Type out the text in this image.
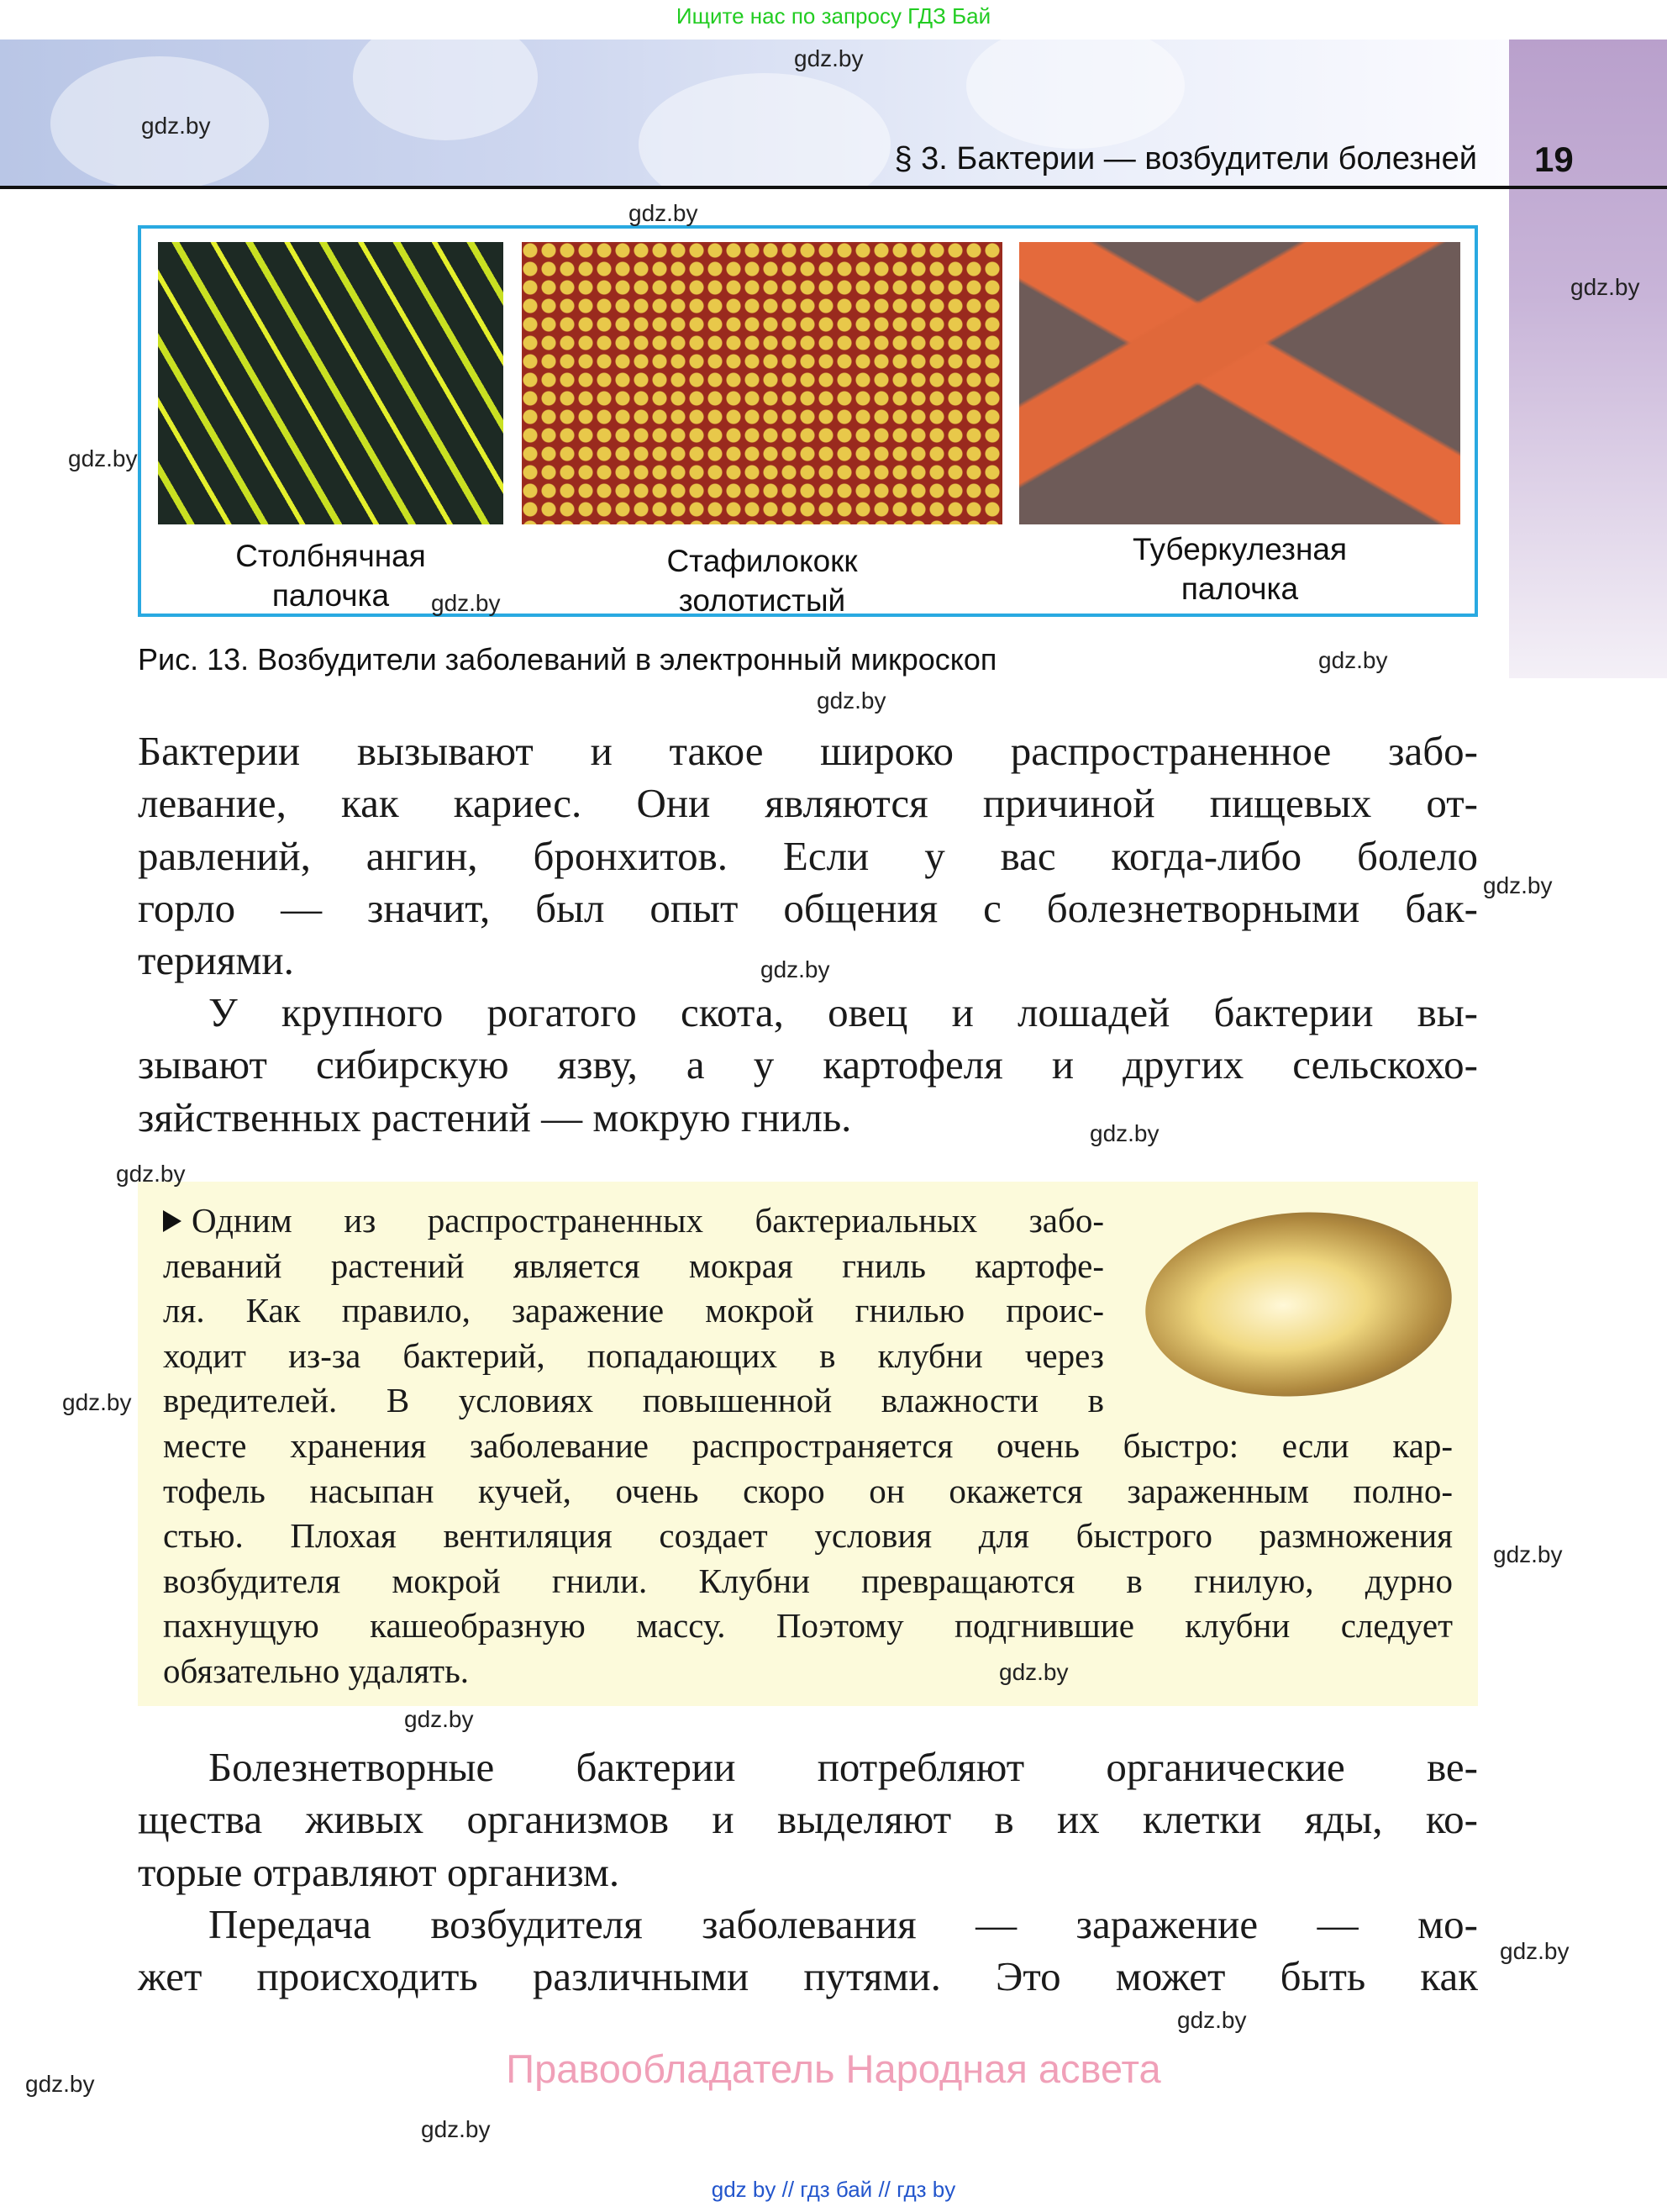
Ищите нас по запросу ГДЗ Бай
§ 3. Бактерии — возбудители болезней 19
Столбнячная
палочка
Стафилококк
золотистый
Туберкулезная
палочка
Рис. 13. Возбудители заболеваний в электронный микроскоп
Бактерии вызывают и такое широко распространенное забо-
левание, как кариес. Они являются причиной пищевых от-
равлений, ангин, бронхитов. Если у вас когда-либо болело
горло — значит, был опыт общения с болезнетворными бак-
териями.
У крупного рогатого скота, овец и лошадей бактерии вы-
зывают сибирскую язву, а у картофеля и других сельскохо-
зяйственных растений — мокрую гниль.
Одним из распространенных бактериальных забо-
леваний растений является мокрая гниль картофе-
ля. Как правило, заражение мокрой гнилью проис-
ходит из-за бактерий, попадающих в клубни через
вредителей. В условиях повышенной влажности в
месте хранения заболевание распространяется очень быстро: если кар-
тофель насыпан кучей, очень скоро он окажется зараженным полно-
стью. Плохая вентиляция создает условия для быстрого размножения
возбудителя мокрой гнили. Клубни превращаются в гнилую, дурно
пахнущую кашеобразную массу. Поэтому подгнившие клубни следует
обязательно удалять.
Болезнетворные бактерии потребляют органические ве-
щества живых организмов и выделяют в их клетки яды, ко-
торые отравляют организм.
Передача возбудителя заболевания — заражение — мо-
жет происходить различными путями. Это может быть как
Правообладатель Народная асвета
gdz by // гдз бай // гдз by
gdz.by
gdz.by
gdz.by
gdz.by
gdz.by
gdz.by
gdz.by
gdz.by
gdz.by
gdz.by
gdz.by
gdz.by
gdz.by
gdz.by
gdz.by
gdz.by
gdz.by
gdz.by
gdz.by
gdz.by
